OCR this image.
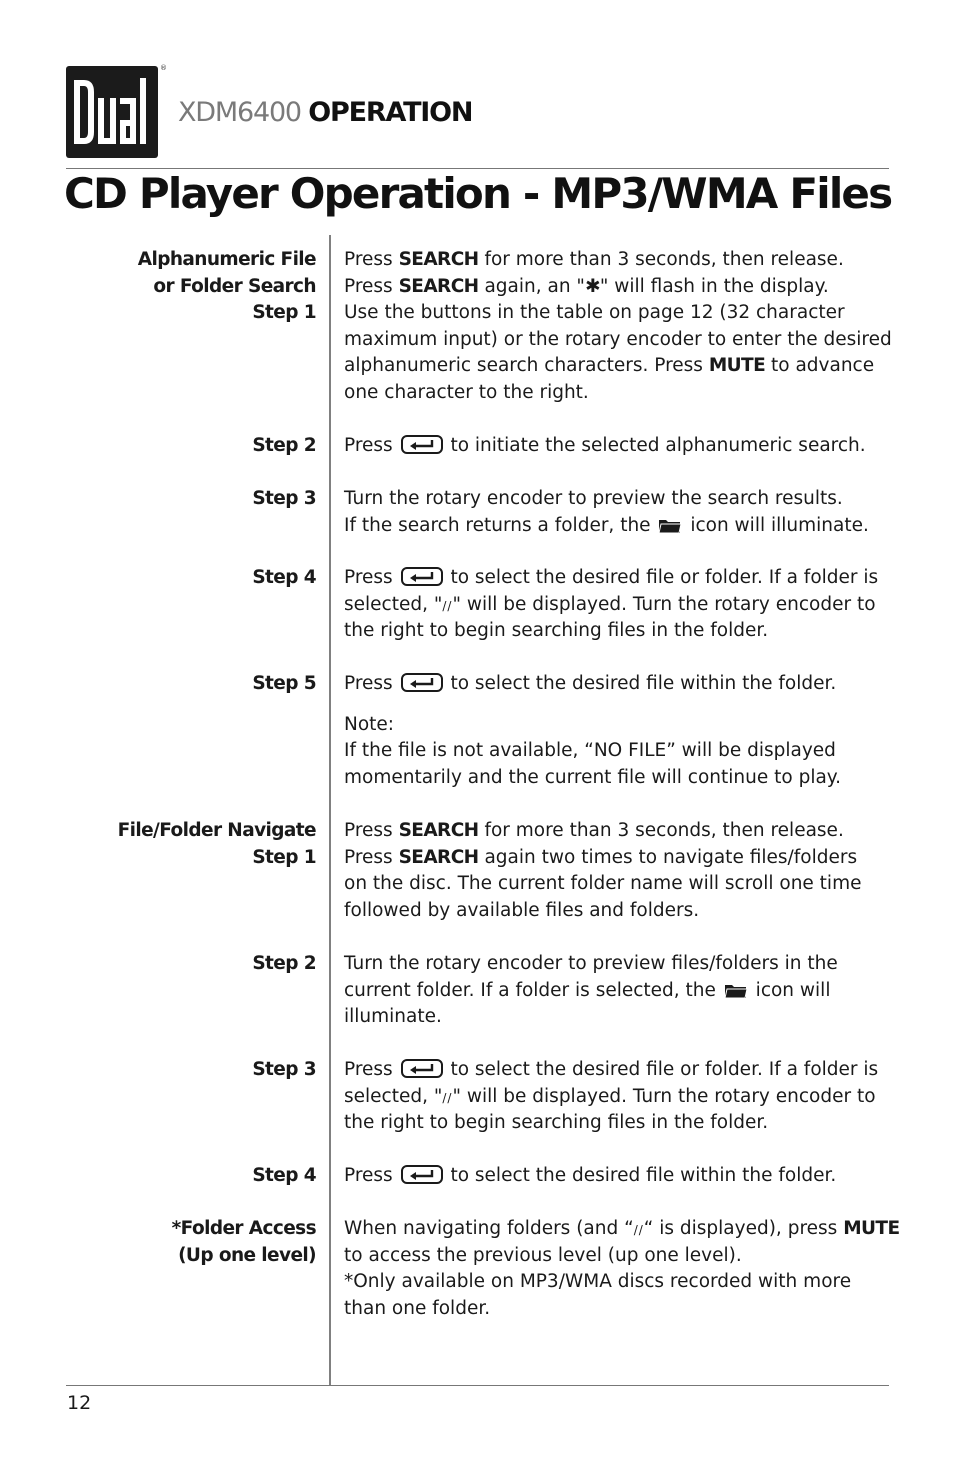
®
XDM6400 OPERATION
CD Player Operation - MP3/WMA Files
Alphanumeric File
or Folder Search
Step 1
Press SEARCH for more than 3 seconds, then release.
Press SEARCH again, an "✱" will flash in the display.
Use the buttons in the table on page 12 (32 character
maximum input) or the rotary encoder to enter the desired
alphanumeric search characters. Press MUTE to advance
one character to the right.
Step 2 Press  to initiate the selected alphanumeric search.
Step 3 Turn the rotary encoder to preview the search results.
If the search returns a folder, the  icon will illuminate.
Step 4 Press  to select the desired file or folder. If a folder is
selected, "//" will be displayed. Turn the rotary encoder to
the right to begin searching files in the folder.
Step 5 Press  to select the desired file within the folder.
Note:
If the file is not available, “NO FILE” will be displayed
momentarily and the current file will continue to play.
File/Folder Navigate
Step 1
Press SEARCH for more than 3 seconds, then release.
Press SEARCH again two times to navigate files/folders
on the disc. The current folder name will scroll one time
followed by available files and folders.
Step 2 Turn the rotary encoder to preview files/folders in the
current folder. If a folder is selected, the  icon will
illuminate.
Step 3 Press  to select the desired file or folder. If a folder is
selected, "//" will be displayed. Turn the rotary encoder to
the right to begin searching files in the folder.
Step 4 Press  to select the desired file within the folder.
*Folder Access
(Up one level)
When navigating folders (and “//“ is displayed), press MUTE
to access the previous level (up one level).
*Only available on MP3/WMA discs recorded with more
than one folder.
12
